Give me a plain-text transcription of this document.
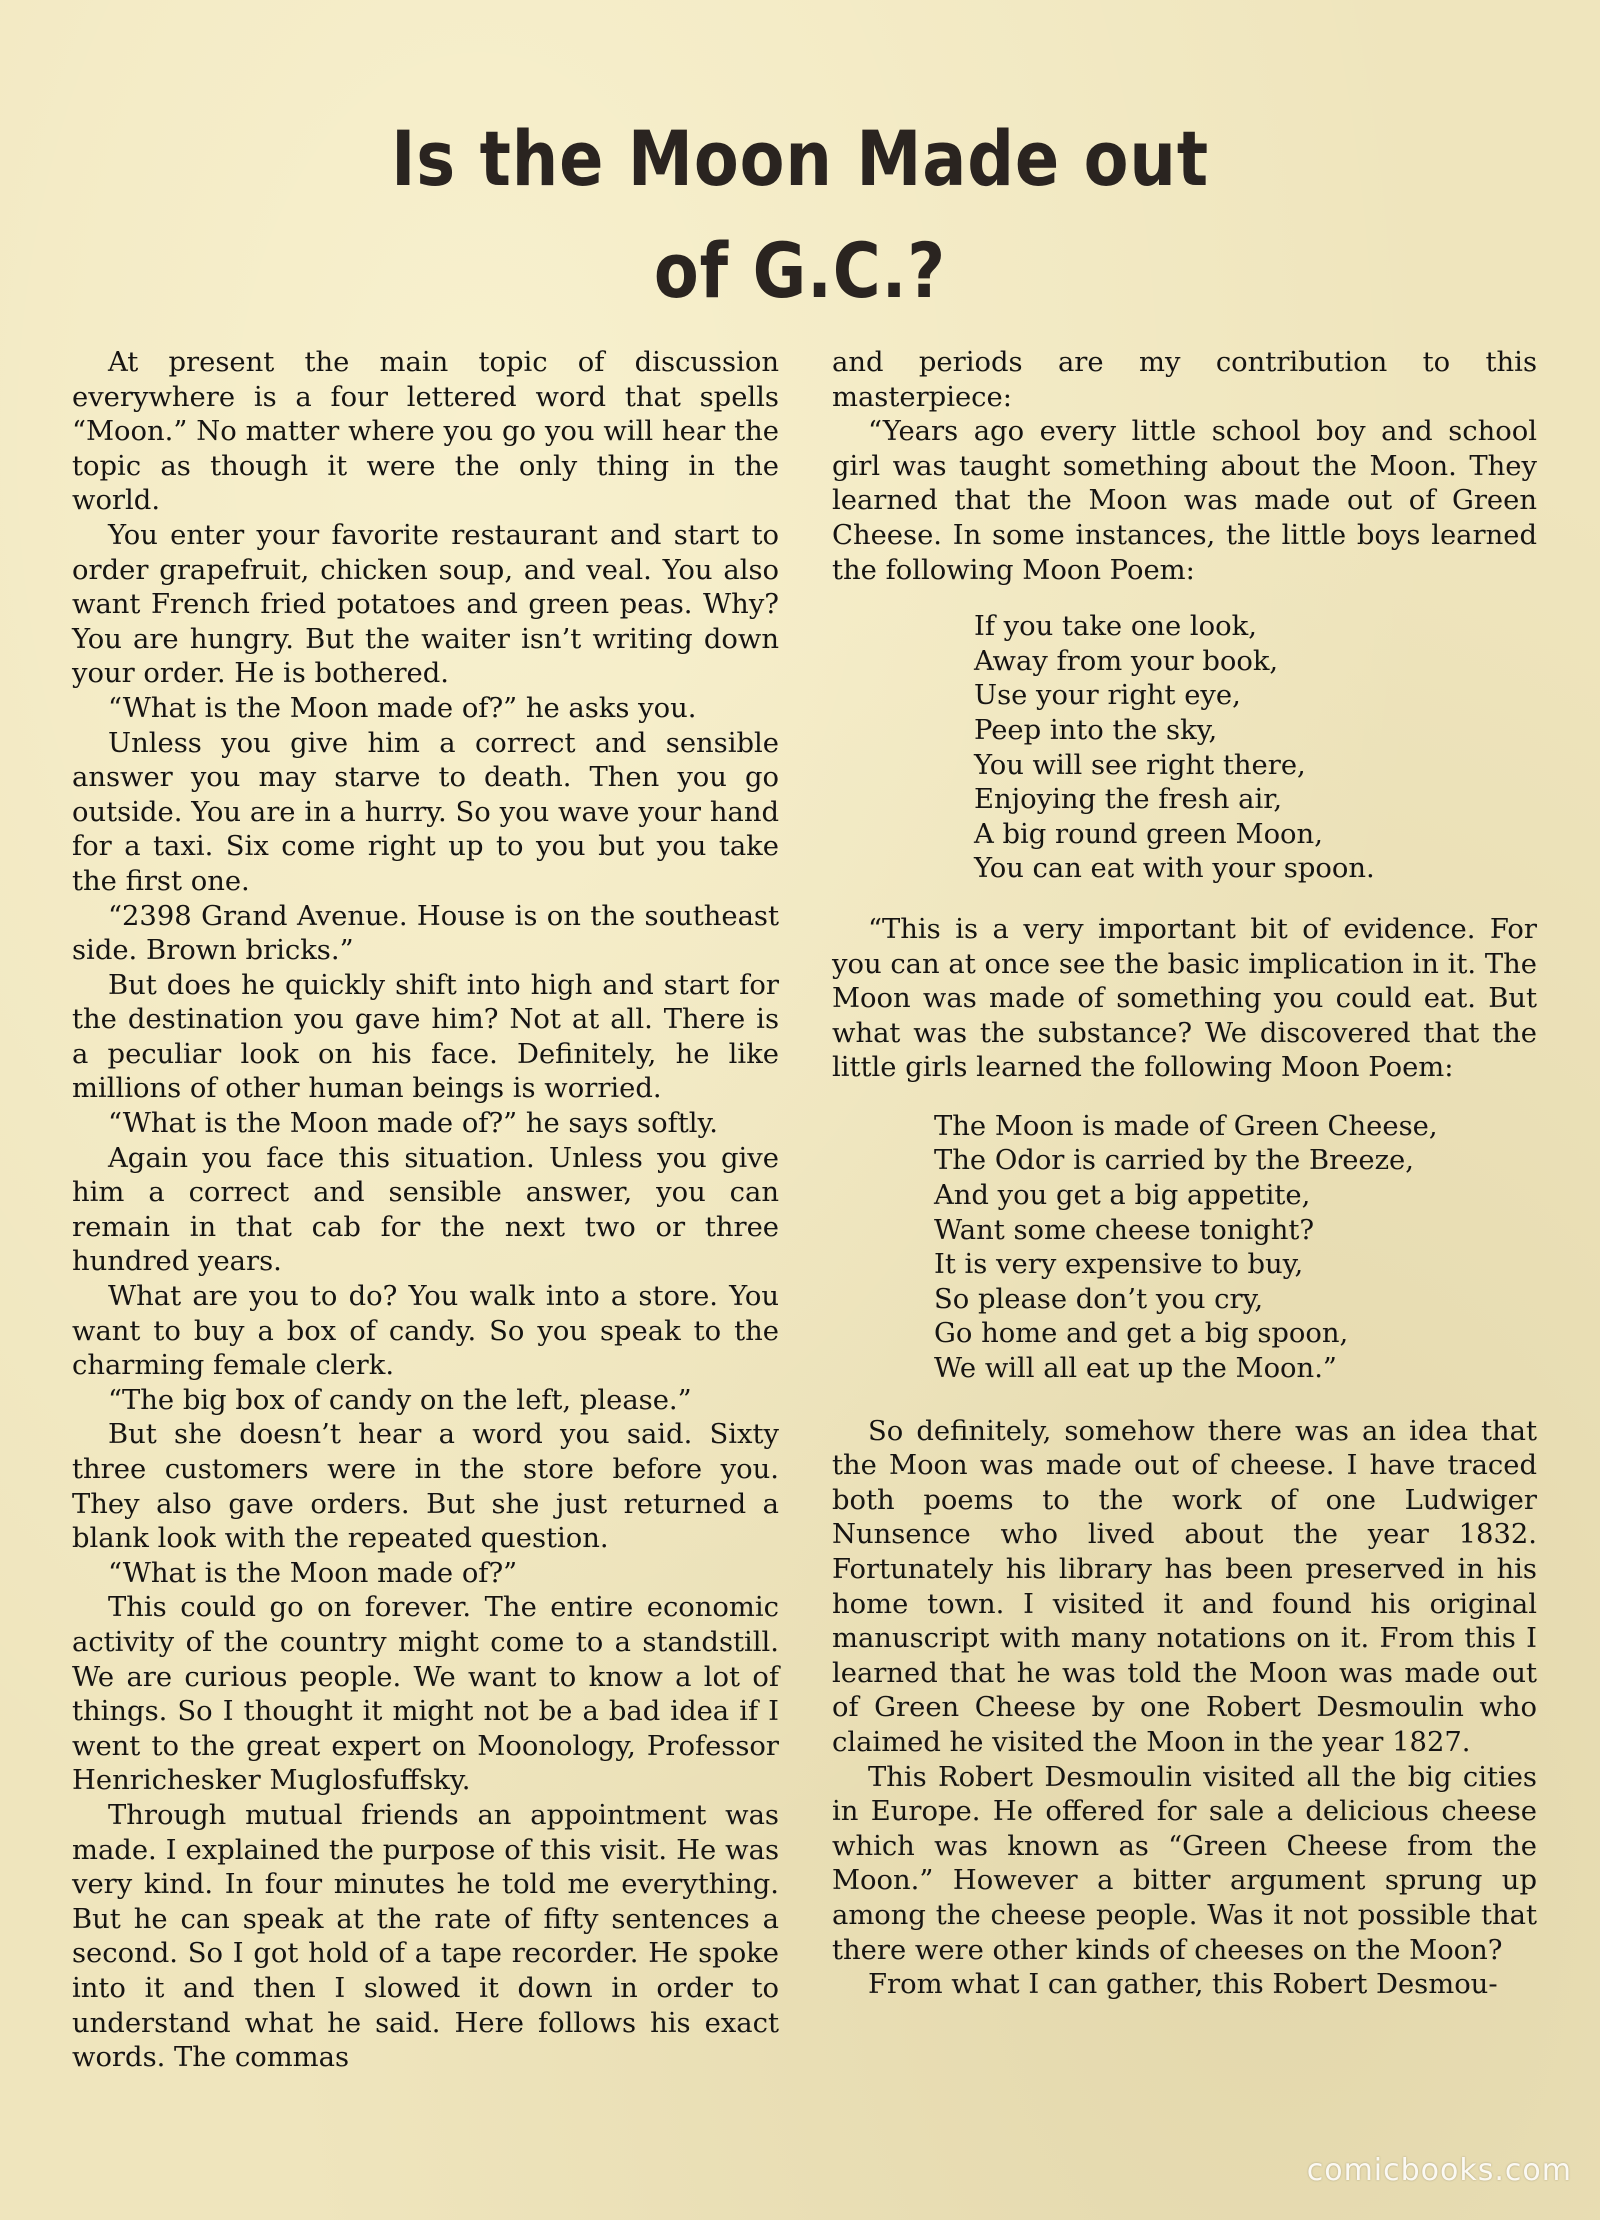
Is the Moon Made out
of G.C.?

At present the main topic of discussion everywhere is a four lettered word that spells “Moon.” No matter where you go you will hear the topic as though it were the only thing in the world.

You enter your favorite restaurant and start to order grapefruit, chicken soup, and veal. You also want French fried potatoes and green peas. Why? You are hungry. But the waiter isn’t writing down your order. He is bothered.

“What is the Moon made of?” he asks you.

Unless you give him a correct and sensible answer you may starve to death. Then you go outside. You are in a hurry. So you wave your hand for a taxi. Six come right up to you but you take the first one.

“2398 Grand Avenue. House is on the southeast side. Brown bricks.”

But does he quickly shift into high and start for the destination you gave him? Not at all. There is a peculiar look on his face. Definitely, he like millions of other human beings is worried.

“What is the Moon made of?” he says softly.

Again you face this situation. Unless you give him a correct and sensible answer, you can remain in that cab for the next two or three hundred years.

What are you to do? You walk into a store. You want to buy a box of candy. So you speak to the charming female clerk.

“The big box of candy on the left, please.”

But she doesn’t hear a word you said. Sixty three customers were in the store before you. They also gave orders. But she just returned a blank look with the repeated question.

“What is the Moon made of?”

This could go on forever. The entire economic activity of the country might come to a standstill. We are curious people. We want to know a lot of things. So I thought it might not be a bad idea if I went to the great expert on Moonology, Professor Henrichesker Muglosfuffsky.

Through mutual friends an appointment was made. I explained the purpose of this visit. He was very kind. In four minutes he told me everything. But he can speak at the rate of fifty sentences a second. So I got hold of a tape recorder. He spoke into it and then I slowed it down in order to understand what he said. Here follows his exact words. The commas

and periods are my contribution to this masterpiece:

“Years ago every little school boy and school girl was taught something about the Moon. They learned that the Moon was made out of Green Cheese. In some instances, the little boys learned the following Moon Poem:

If you take one look,
Away from your book,
Use your right eye,
Peep into the sky,
You will see right there,
Enjoying the fresh air,
A big round green Moon,
You can eat with your spoon.

“This is a very important bit of evidence. For you can at once see the basic implication in it. The Moon was made of something you could eat. But what was the substance? We discovered that the little girls learned the following Moon Poem:

The Moon is made of Green Cheese,
The Odor is carried by the Breeze,
And you get a big appetite,
Want some cheese tonight?
It is very expensive to buy,
So please don’t you cry,
Go home and get a big spoon,
We will all eat up the Moon.”

So definitely, somehow there was an idea that the Moon was made out of cheese. I have traced both poems to the work of one Ludwiger Nunsence who lived about the year 1832. Fortunately his library has been preserved in his home town. I visited it and found his original manuscript with many notations on it. From this I learned that he was told the Moon was made out of Green Cheese by one Robert Desmoulin who claimed he visited the Moon in the year 1827.

This Robert Desmoulin visited all the big cities in Europe. He offered for sale a delicious cheese which was known as “Green Cheese from the Moon.” However a bitter argument sprung up among the cheese people. Was it not possible that there were other kinds of cheeses on the Moon?

From what I can gather, this Robert Desmou-

comicbooks.com
